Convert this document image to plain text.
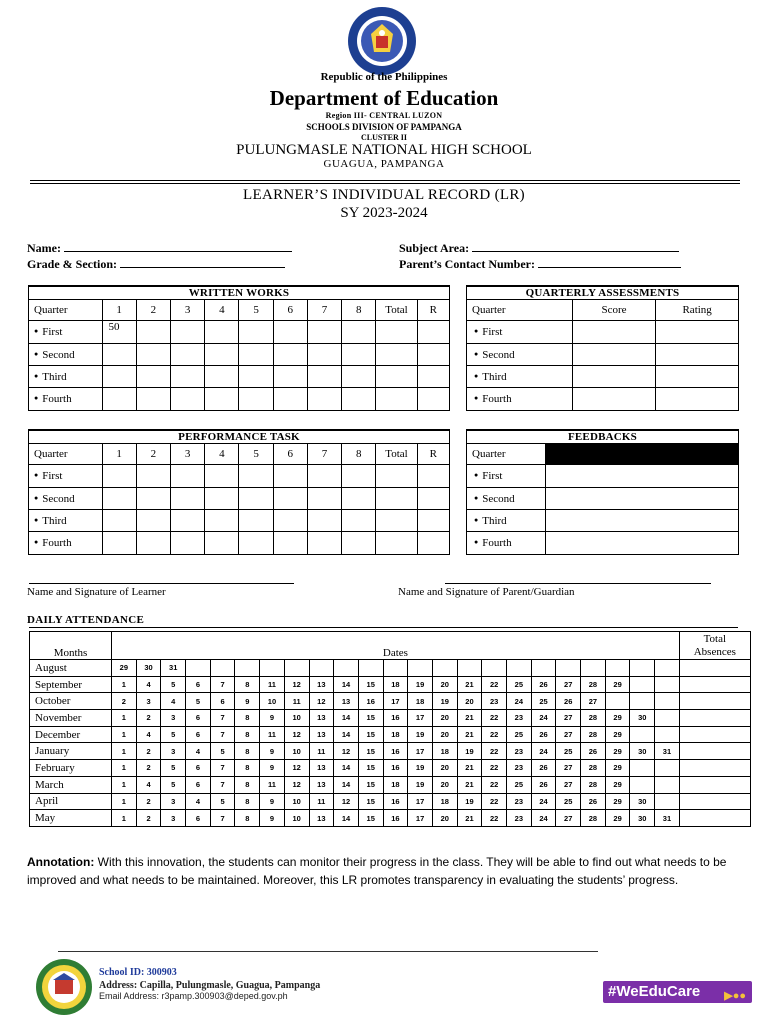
Republic of the Philippines
Department of Education
Region III- CENTRAL LUZON
SCHOOLS DIVISION OF PAMPANGA
CLUSTER II
PULUNGMASLE NATIONAL HIGH SCHOOL
GUAGUA, PAMPANGA
LEARNER’S INDIVIDUAL RECORD (LR)
SY 2023-2024
Name:
Grade & Section:
Subject Area:
Parent’s Contact Number:
WRITTEN WORKS										
Quarter	1	2	3	4	5	6	7	8	Total	R
● First	50									
● Second										
● Third										
● Fourth										
QUARTERLY ASSESSMENTS		
Quarter	Score	Rating
● First		
● Second		
● Third		
● Fourth		
PERFORMANCE TASK										
Quarter	1	2	3	4	5	6	7	8	Total	R
● First										
● Second										
● Third										
● Fourth										
FEEDBACKS	
Quarter	
● First	
● Second	
● Third	
● Fourth	
Name and Signature of Learner	Name and Signature of Parent/Guardian
DAILY ATTENDANCE
Months	Dates																							Total
Absences
August	29	30	31																					
September	1	4	5	6	7	8	11	12	13	14	15	18	19	20	21	22	25	26	27	28	29			
October	2	3	4	5	6	9	10	11	12	13	16	17	18	19	20	23	24	25	26	27				
November	1	2	3	6	7	8	9	10	13	14	15	16	17	20	21	22	23	24	27	28	29	30		
December	1	4	5	6	7	8	11	12	13	14	15	18	19	20	21	22	25	26	27	28	29			
January	1	2	3	4	5	8	9	10	11	12	15	16	17	18	19	22	23	24	25	26	29	30	31	
February	1	2	5	6	7	8	9	12	13	14	15	16	19	20	21	22	23	26	27	28	29			
March	1	4	5	6	7	8	11	12	13	14	15	18	19	20	21	22	25	26	27	28	29			
April	1	2	3	4	5	8	9	10	11	12	15	16	17	18	19	22	23	24	25	26	29	30		
May	1	2	3	6	7	8	9	10	13	14	15	16	17	20	21	22	23	24	27	28	29	30	31	
Annotation: With this innovation, the students can monitor their progress in the class. They will be able to find out what needs to be improved and what needs to be maintained. Moreover, this LR promotes transparency in evaluating the students’ progress.
School ID: 300903
Address: Capilla, Pulungmasle, Guagua, Pampanga
Email Address: r3pamp.300903@deped.gov.ph	#WeEduCare ▶●●
